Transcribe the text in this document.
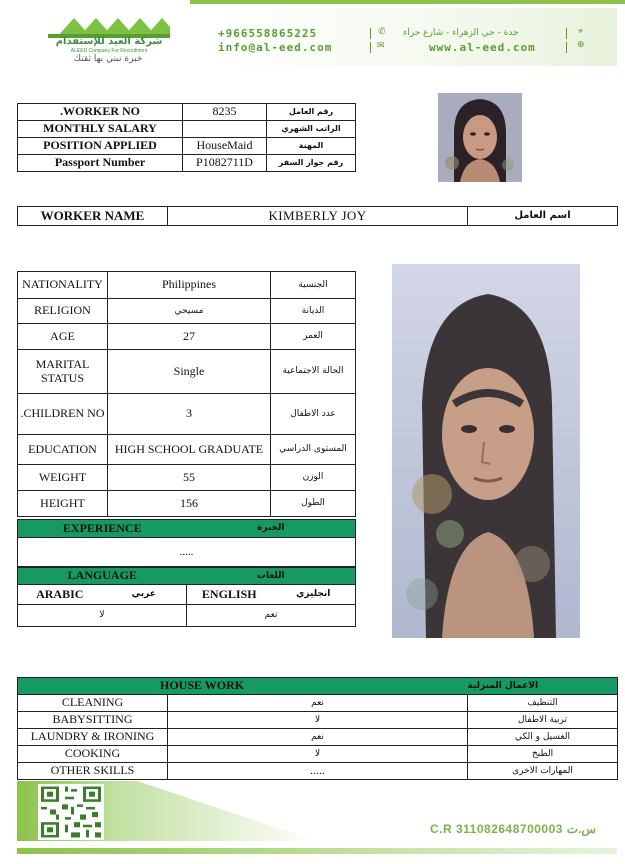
شركة العيد للإستقدام
ALEED Company For Recruitment
خبرة نبني بها ثقتك
+966558865225	✆ جدة - حي الزهراء - شارع حراء	⌖
info@al-eed.com	✉	www.al-eed.com	⊕
.WORKER NO	8235	رقم العامل
MONTHLY SALARY		الراتب الشهري
POSITION APPLIED	HouseMaid	المهنة
Passport Number	P1082711D	رقم جواز السفر
WORKER NAME	KIMBERLY JOY	اسم العامل
NATIONALITY	Philippines	الجنسية
RELIGION	مسيحي	الديانة
AGE	27	العمر
MARITAL STATUS	Single	الحالة الاجتماعية
.CHILDREN NO	3	عدد الاطفال
EDUCATION	HIGH SCHOOL GRADUATE	المستوى الدراسي
WEIGHT	55	الوزن
HEIGHT	156	الطول
EXPERIENCE	الخبرة
.....
LANGUAGE		اللغات	
ARABIC	عربي	ENGLISH	انجليزي
لا		نعم	
HOUSE WORK		الاعمال المنزلية
CLEANING	نعم	التنظيف
BABYSITTING	لا	تربية الاطفال
LAUNDRY & IRONING	نعم	الغسيل و الكي
COOKING	لا	الطبخ
OTHER SKILLS	.....	المهارات الاخرى
C.R 311082648700003 س.ت
